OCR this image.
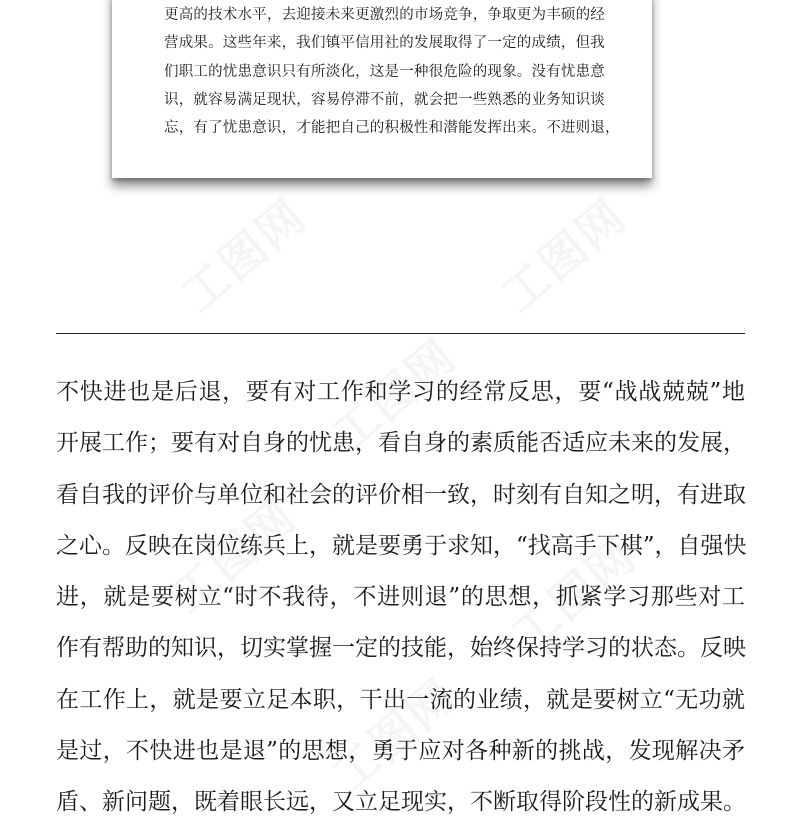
更高的技术水平，去迎接未来更激烈的市场竞争，争取更为丰硕的经
营成果。这些年来，我们镇平信用社的发展取得了一定的成绩，但我
们职工的忧患意识只有所淡化，这是一种很危险的现象。没有忧患意
识，就容易满足现状，容易停滞不前，就会把一些熟悉的业务知识谈
忘，有了忧患意识，才能把自己的积极性和潜能发挥出来。不进则退，
不快进也是后退，要有对工作和学习的经常反思，要“战战兢兢”地
开展工作；要有对自身的忧患，看自身的素质能否适应未来的发展，
看自我的评价与单位和社会的评价相一致，时刻有自知之明，有进取
之心。反映在岗位练兵上，就是要勇于求知，“找高手下棋”，自强快
进，就是要树立“时不我待，不进则退”的思想，抓紧学习那些对工
作有帮助的知识，切实掌握一定的技能，始终保持学习的状态。反映
在工作上，就是要立足本职，干出一流的业绩，就是要树立“无功就
是过，不快进也是退”的思想，勇于应对各种新的挑战，发现解决矛
盾、新问题，既着眼长远，又立足现实，不断取得阶段性的新成果。
